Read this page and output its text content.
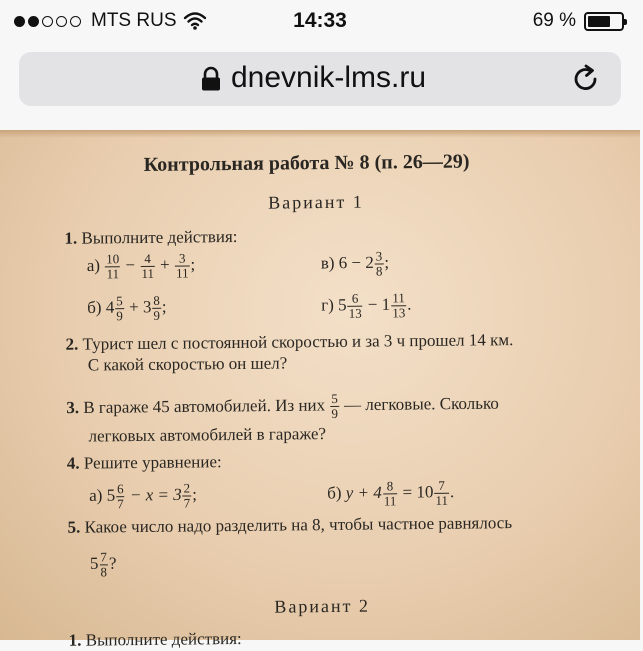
MTS RUS	14:33	69 %
dnevnik-lms.ru
Контрольная работа № 8 (п. 26—29)
Вариант 1
1. Выполните действия:
$а) \frac{10}{11} - \frac{4}{11} + \frac{3}{11}$ ;	в) $6 - 2 \frac{3}{8}$ ;
б) $4 \frac{5}{9} + 3 \frac{8}{9}$ ;	г) $5 \frac{6}{13} - 1 \frac{11}{13}$ .
2. Турист шел с постоянной скоростью и за 3 ч прошел 14 км.
С какой скоростью он шел?
3. В гараже 45 автомобилей. Из них $\frac{5}{9}$ — легковые. Сколько
легковых автомобилей в гараже?
4. Решите уравнение:
а) $5 \frac{6}{7} - x = 3 \frac{2}{7}$ ;	б) $y + 4 \frac{8}{11} = 10 \frac{7}{11}$ .
5. Какое число надо разделить на 8, чтобы частное равнялось
$5 \frac{7}{8}$ ?
Вариант 2
1. Выполните действия:
